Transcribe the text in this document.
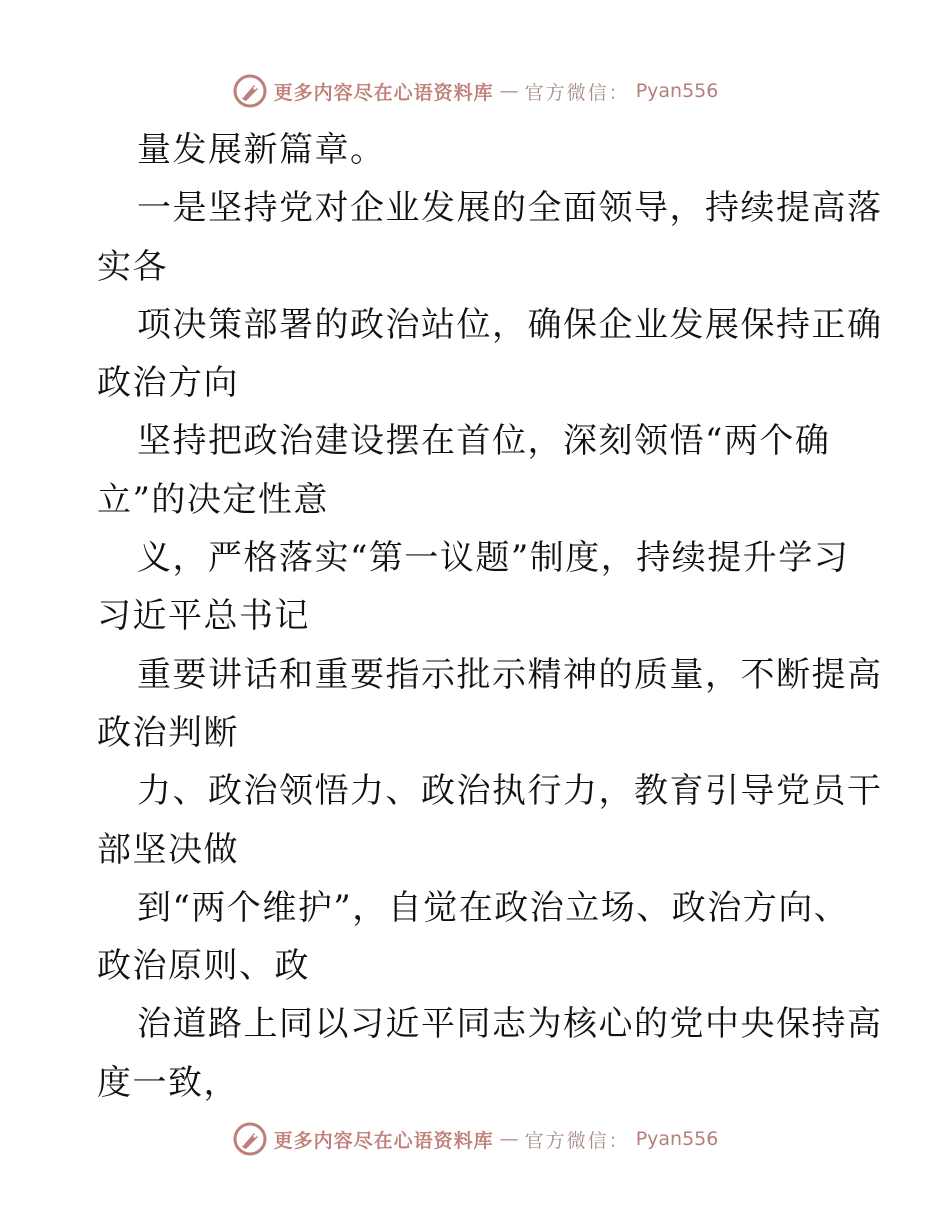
更多内容尽在心语资料库 — 官方微信： Pyan556
量发展新篇章。
一是坚持党对企业发展的全面领导，持续提高落
实各
项决策部署的政治站位，确保企业发展保持正确
政治方向
坚持把政治建设摆在首位，深刻领悟“两个确
立”的决定性意
义，严格落实“第一议题”制度，持续提升学习
习近平总书记
重要讲话和重要指示批示精神的质量，不断提高
政治判断
力、政治领悟力、政治执行力，教育引导党员干
部坚决做
到“两个维护”，自觉在政治立场、政治方向、
政治原则、政
治道路上同以习近平同志为核心的党中央保持高
度一致，
更多内容尽在心语资料库 — 官方微信： Pyan556
